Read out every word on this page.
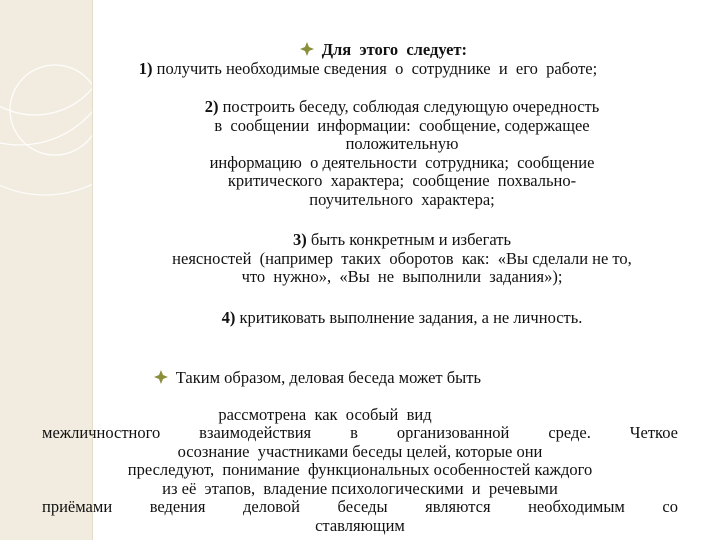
Для  этого  следует:

1) получить необходимые сведения  о  сотруднике  и  его  работе;
2) построить беседу, соблюдая следующую очередность
в  сообщении  информации:  сообщение, содержащее
положительную
информацию  о деятельности  сотрудника;  сообщение
критического  характера;  сообщение  похвально-
поучительного  характера;
3) быть конкретным и избегать
неясностей  (например  таких  оборотов  как:  «Вы сделали не то,
что  нужно»,  «Вы  не  выполнили  задания»);
4) критиковать выполнение задания, а не личность.

Таким образом, деловая беседа может быть

рассмотрена  как  особый  вид
межличностного взаимодействия в организованной среде. Четкое
осознание  участниками беседы целей, которые они
преследуют,  понимание  функциональных особенностей каждого
из её  этапов,  владение психологическими  и  речевыми
приёмами ведения деловой беседы являются необходимым со
ставляющим
